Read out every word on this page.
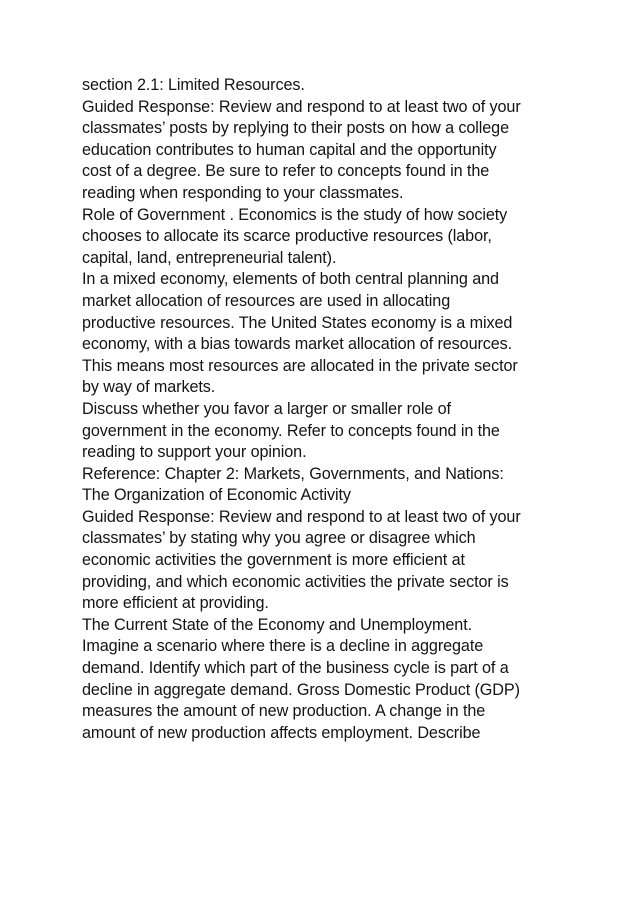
section 2.1: Limited Resources.
Guided Response: Review and respond to at least two of your
classmates’ posts by replying to their posts on how a college
education contributes to human capital and the opportunity
cost of a degree. Be sure to refer to concepts found in the
reading when responding to your classmates.
Role of Government . Economics is the study of how society
chooses to allocate its scarce productive resources (labor,
capital, land, entrepreneurial talent).
In a mixed economy, elements of both central planning and
market allocation of resources are used in allocating
productive resources. The United States economy is a mixed
economy, with a bias towards market allocation of resources.
This means most resources are allocated in the private sector
by way of markets.
Discuss whether you favor a larger or smaller role of
government in the economy. Refer to concepts found in the
reading to support your opinion.
Reference: Chapter 2: Markets, Governments, and Nations:
The Organization of Economic Activity
Guided Response: Review and respond to at least two of your
classmates’ by stating why you agree or disagree which
economic activities the government is more efficient at
providing, and which economic activities the private sector is
more efficient at providing.
The Current State of the Economy and Unemployment.
Imagine a scenario where there is a decline in aggregate
demand. Identify which part of the business cycle is part of a
decline in aggregate demand. Gross Domestic Product (GDP)
measures the amount of new production. A change in the
amount of new production affects employment. Describe
